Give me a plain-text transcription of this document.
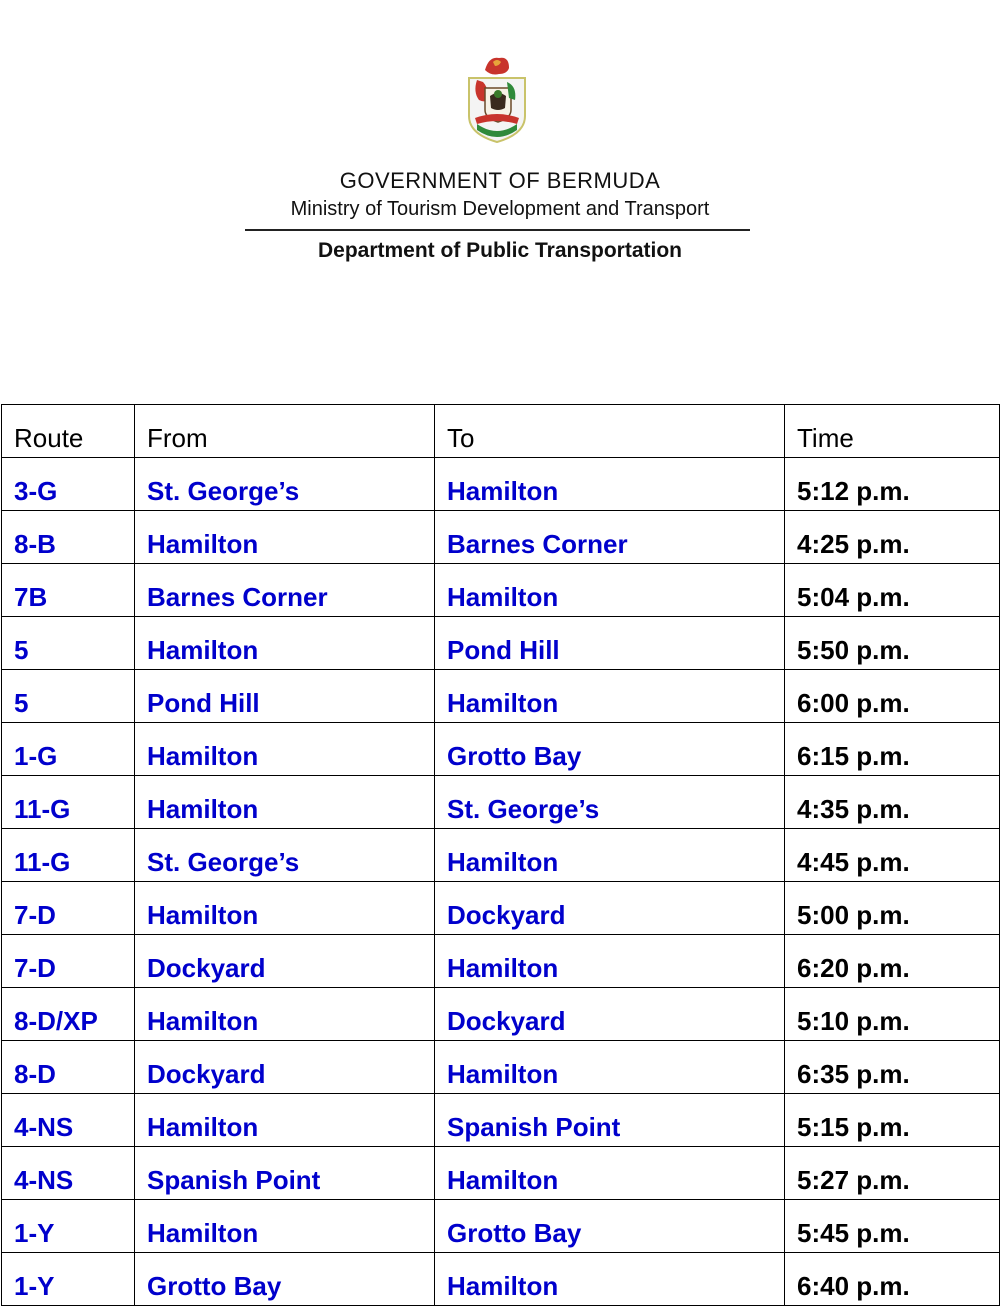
GOVERNMENT OF BERMUDA
Ministry of Tourism Development and Transport
Department of Public Transportation
Route	From	To	Time
3-G	St. George’s	Hamilton	5:12 p.m.
8-B	Hamilton	Barnes Corner	4:25 p.m.
7B	Barnes Corner	Hamilton	5:04 p.m.
5	Hamilton	Pond Hill	5:50 p.m.
5	Pond Hill	Hamilton	6:00 p.m.
1-G	Hamilton	Grotto Bay	6:15 p.m.
11-G	Hamilton	St. George’s	4:35 p.m.
11-G	St. George’s	Hamilton	4:45 p.m.
7-D	Hamilton	Dockyard	5:00 p.m.
7-D	Dockyard	Hamilton	6:20 p.m.
8-D/XP	Hamilton	Dockyard	5:10 p.m.
8-D	Dockyard	Hamilton	6:35 p.m.
4-NS	Hamilton	Spanish Point	5:15 p.m.
4-NS	Spanish Point	Hamilton	5:27 p.m.
1-Y	Hamilton	Grotto Bay	5:45 p.m.
1-Y	Grotto Bay	Hamilton	6:40 p.m.
